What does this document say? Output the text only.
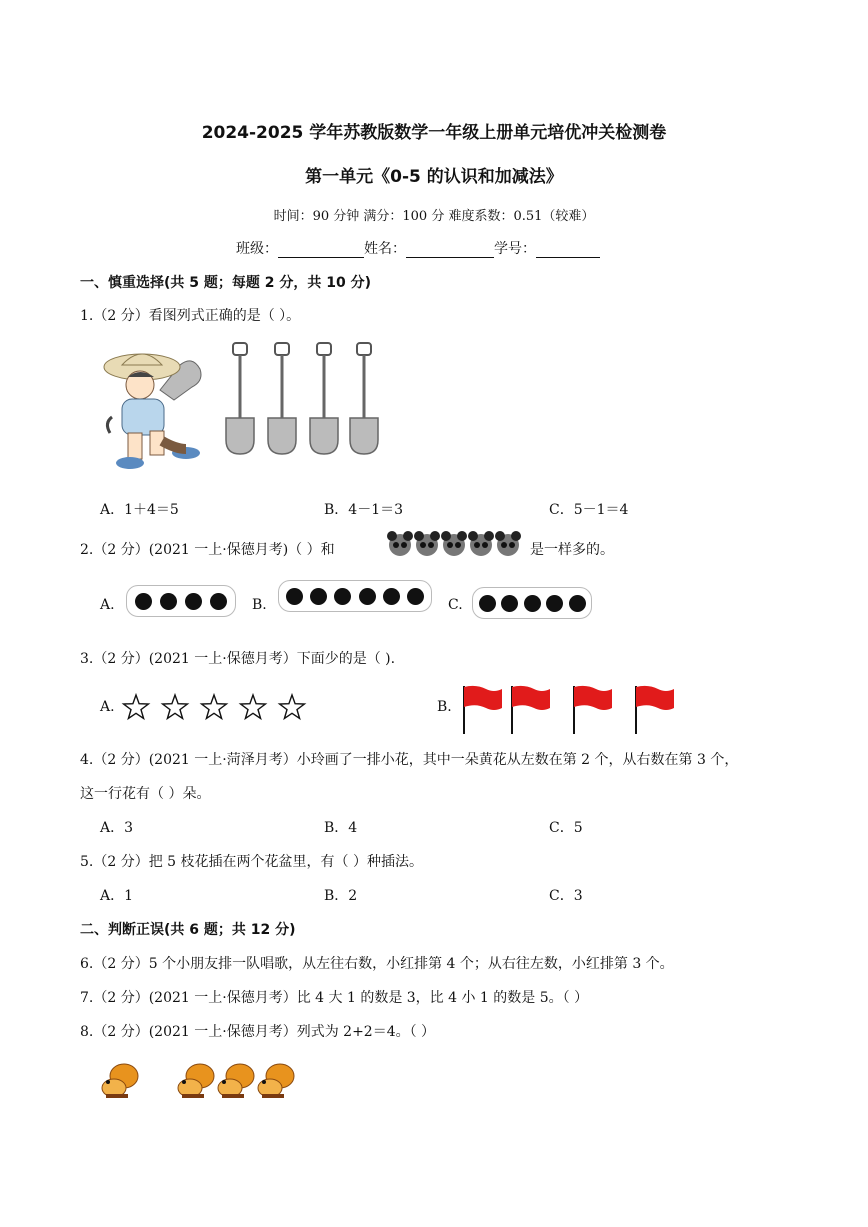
2024-2025 学年苏教版数学一年级上册单元培优冲关检测卷
第一单元《0-5 的认识和加减法》
时间：90 分钟 满分：100 分 难度系数：0.51（较难）
班级：	姓名：	学号：
一、慎重选择(共 5 题；每题 2 分，共 10 分)
1.（2 分）看图列式正确的是（ ）。
A．1＋4＝5	B．4－1＝3	C．5－1＝4
2.（2 分）(2021 一上·保德月考)（ ）和	是一样多的。
A.	B.	C.
3.（2 分）(2021 一上·保德月考）下面少的是（ ).
A.	B.
4.（2 分）(2021 一上·菏泽月考）小玲画了一排小花，其中一朵黄花从左数在第 2 个，从右数在第 3 个，
这一行花有（ ）朵。
A．3	B．4	C．5
5.（2 分）把 5 枝花插在两个花盆里，有（ ）种插法。
A．1	B．2	C．3
二、判断正误(共 6 题；共 12 分)
6.（2 分）5 个小朋友排一队唱歌，从左往右数，小红排第 4 个；从右往左数，小红排第 3 个。
7.（2 分）(2021 一上·保德月考）比 4 大 1 的数是 3，比 4 小 1 的数是 5。（ ）
8.（2 分）(2021 一上·保德月考）列式为 2+2＝4。（ ）
